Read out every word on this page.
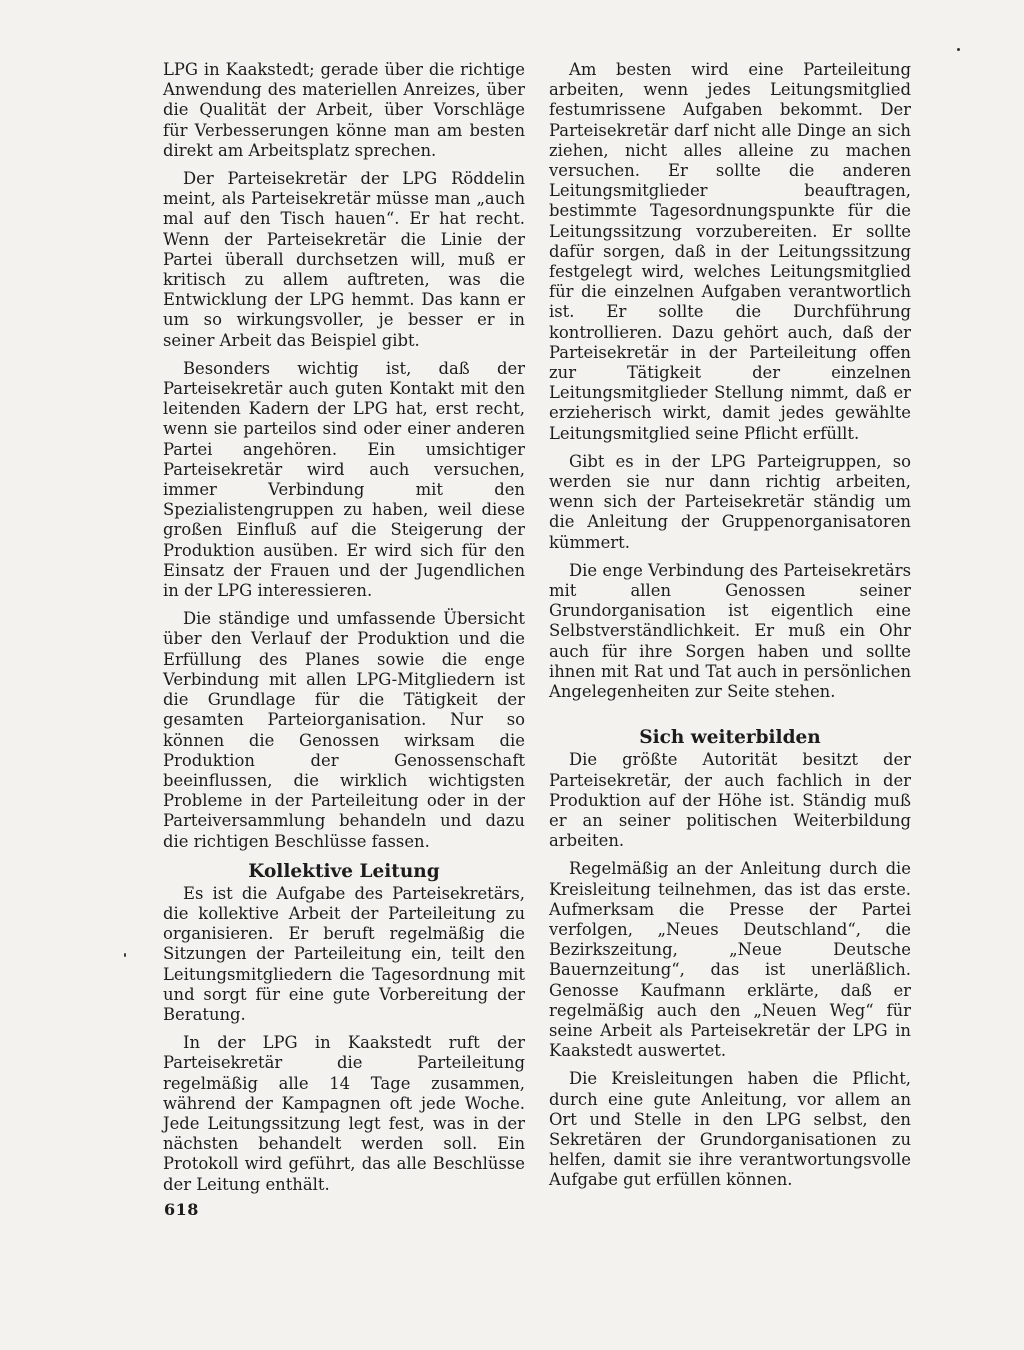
LPG in Kaakstedt; gerade über die richtige Anwendung des materiellen Anreizes, über die Qualität der Arbeit, über Vorschläge für Verbesserungen könne man am besten direkt am Arbeitsplatz sprechen.

Der Parteisekretär der LPG Röddelin meint, als Parteisekretär müsse man „auch mal auf den Tisch hauen“. Er hat recht. Wenn der Parteisekretär die Linie der Partei überall durchsetzen will, muß er kritisch zu allem auftreten, was die Entwicklung der LPG hemmt. Das kann er um so wirkungsvoller, je besser er in seiner Arbeit das Beispiel gibt.

Besonders wichtig ist, daß der Parteisekretär auch guten Kontakt mit den leitenden Kadern der LPG hat, erst recht, wenn sie parteilos sind oder einer anderen Partei angehören. Ein umsichtiger Parteisekretär wird auch versuchen, immer Verbindung mit den Spezialistengruppen zu haben, weil diese großen Einfluß auf die Steigerung der Produktion ausüben. Er wird sich für den Einsatz der Frauen und der Jugendlichen in der LPG interessieren.

Die ständige und umfassende Übersicht über den Verlauf der Produktion und die Erfüllung des Planes sowie die enge Verbindung mit allen LPG-Mitgliedern ist die Grundlage für die Tätigkeit der gesamten Parteiorganisation. Nur so können die Genossen wirksam die Produktion der Genossenschaft beeinflussen, die wirklich wichtigsten Probleme in der Parteileitung oder in der Parteiversammlung behandeln und dazu die richtigen Beschlüsse fassen.

Kollektive Leitung

Es ist die Aufgabe des Parteisekretärs, die kollektive Arbeit der Parteileitung zu organisieren. Er beruft regelmäßig die Sitzungen der Parteileitung ein, teilt den Leitungsmitgliedern die Tagesordnung mit und sorgt für eine gute Vorbereitung der Beratung.

In der LPG in Kaakstedt ruft der Parteisekretär die Parteileitung regelmäßig alle 14 Tage zusammen, während der Kampagnen oft jede Woche. Jede Leitungssitzung legt fest, was in der nächsten behandelt werden soll. Ein Protokoll wird geführt, das alle Beschlüsse der Leitung enthält.

Am besten wird eine Parteileitung arbeiten, wenn jedes Leitungsmitglied festumrissene Aufgaben bekommt. Der Parteisekretär darf nicht alle Dinge an sich ziehen, nicht alles alleine zu machen versuchen. Er sollte die anderen Leitungsmitglieder beauftragen, bestimmte Tagesordnungspunkte für die Leitungssitzung vorzubereiten. Er sollte dafür sorgen, daß in der Leitungssitzung festgelegt wird, welches Leitungsmitglied für die einzelnen Aufgaben verantwortlich ist. Er sollte die Durchführung kontrollieren. Dazu gehört auch, daß der Parteisekretär in der Parteileitung offen zur Tätigkeit der einzelnen Leitungsmitglieder Stellung nimmt, daß er erzieherisch wirkt, damit jedes gewählte Leitungsmitglied seine Pflicht erfüllt.

Gibt es in der LPG Parteigruppen, so werden sie nur dann richtig arbeiten, wenn sich der Parteisekretär ständig um die Anleitung der Gruppenorganisatoren kümmert.

Die enge Verbindung des Parteisekretärs mit allen Genossen seiner Grundorganisation ist eigentlich eine Selbstverständlichkeit. Er muß ein Ohr auch für ihre Sorgen haben und sollte ihnen mit Rat und Tat auch in persönlichen Angelegenheiten zur Seite stehen.

Sich weiterbilden

Die größte Autorität besitzt der Parteisekretär, der auch fachlich in der Produktion auf der Höhe ist. Ständig muß er an seiner politischen Weiterbildung arbeiten.

Regelmäßig an der Anleitung durch die Kreisleitung teilnehmen, das ist das erste. Aufmerksam die Presse der Partei verfolgen, „Neues Deutschland“, die Bezirkszeitung, „Neue Deutsche Bauernzeitung“, das ist unerläßlich. Genosse Kaufmann erklärte, daß er regelmäßig auch den „Neuen Weg“ für seine Arbeit als Parteisekretär der LPG in Kaakstedt auswertet.

Die Kreisleitungen haben die Pflicht, durch eine gute Anleitung, vor allem an Ort und Stelle in den LPG selbst, den Sekretären der Grundorganisationen zu helfen, damit sie ihre verantwortungsvolle Aufgabe gut erfüllen können.

618
